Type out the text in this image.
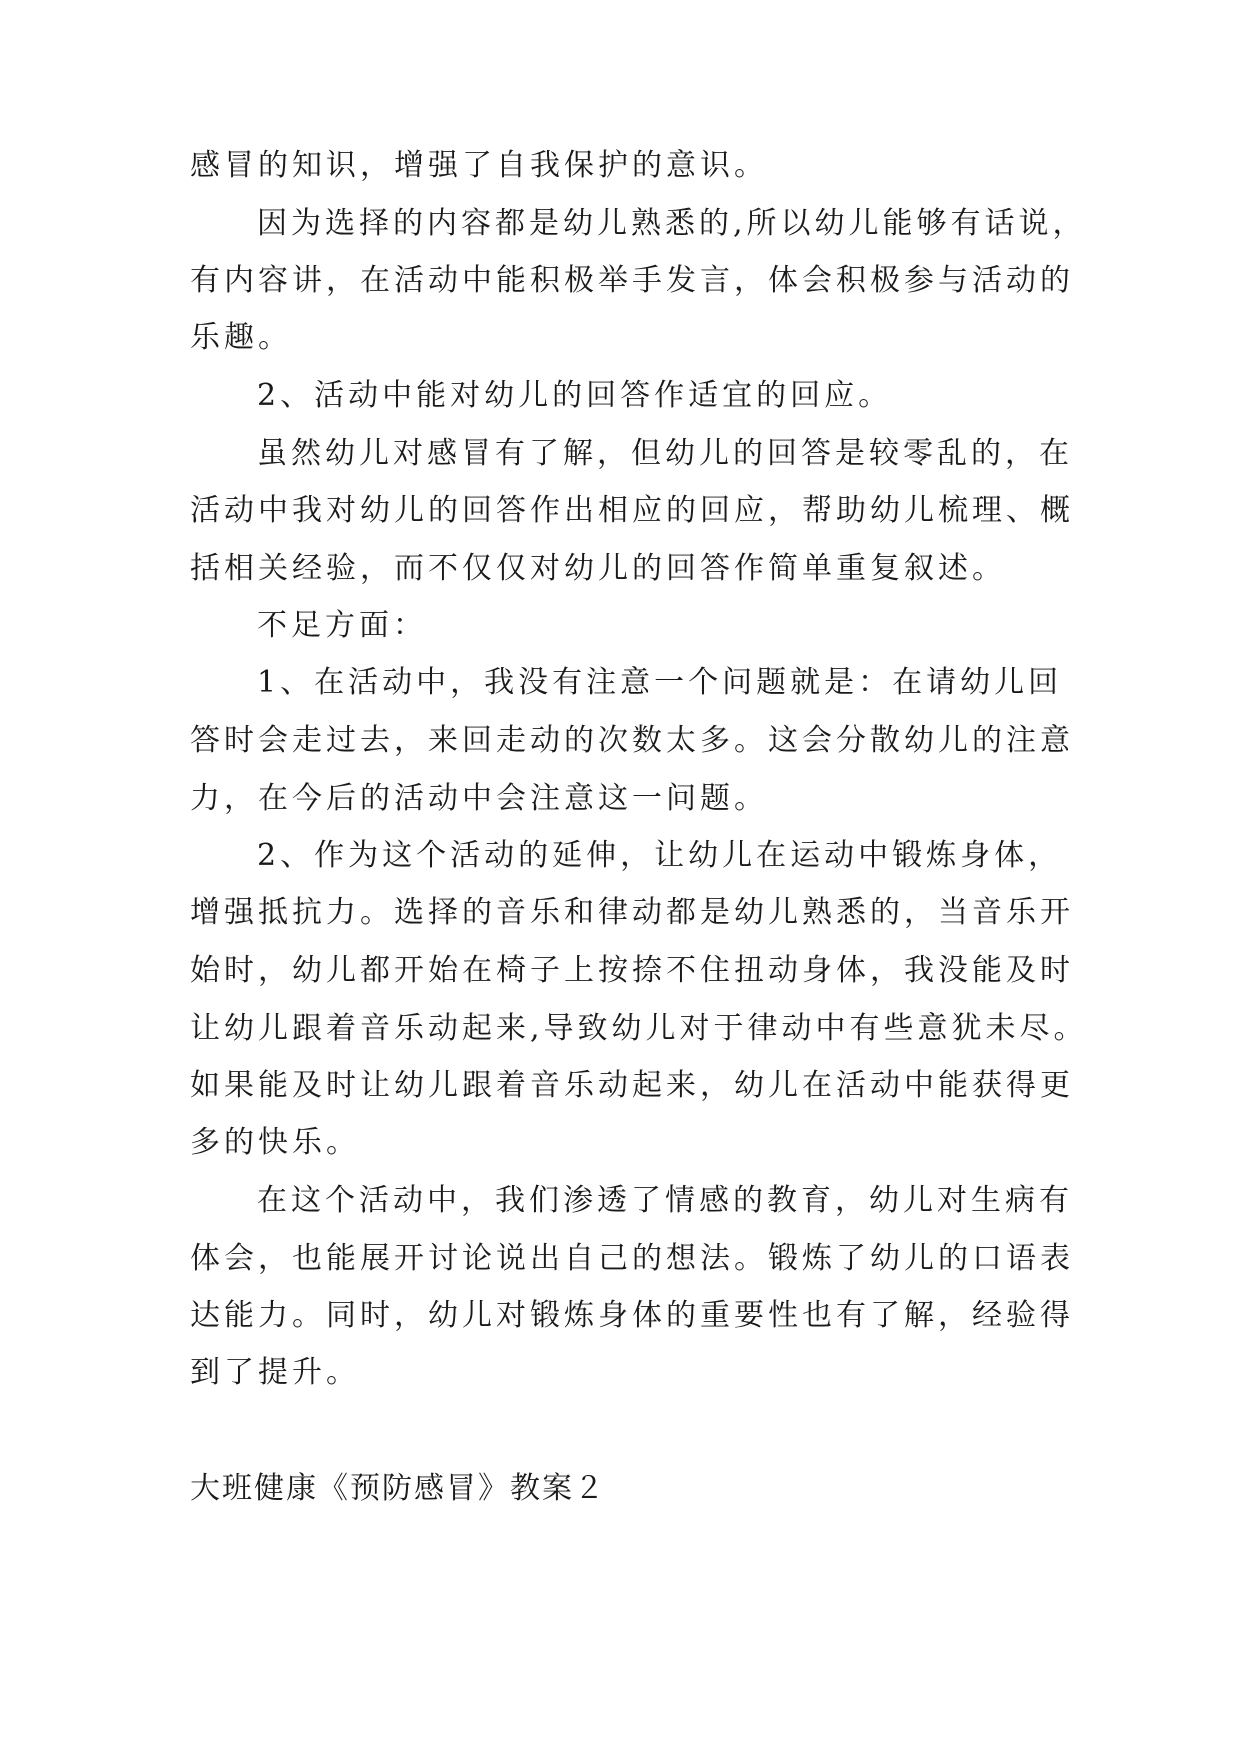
感冒的知识，增强了自我保护的意识。
因为选择的内容都是幼儿熟悉的,所以幼儿能够有话说，
有内容讲，在活动中能积极举手发言，体会积极参与活动的
乐趣。
2、活动中能对幼儿的回答作适宜的回应。
虽然幼儿对感冒有了解，但幼儿的回答是较零乱的，在
活动中我对幼儿的回答作出相应的回应，帮助幼儿梳理、概
括相关经验，而不仅仅对幼儿的回答作简单重复叙述。
不足方面：
1、在活动中，我没有注意一个问题就是：在请幼儿回
答时会走过去，来回走动的次数太多。这会分散幼儿的注意
力，在今后的活动中会注意这一问题。
2、作为这个活动的延伸，让幼儿在运动中锻炼身体，
增强抵抗力。选择的音乐和律动都是幼儿熟悉的，当音乐开
始时，幼儿都开始在椅子上按捺不住扭动身体，我没能及时
让幼儿跟着音乐动起来,导致幼儿对于律动中有些意犹未尽。
如果能及时让幼儿跟着音乐动起来，幼儿在活动中能获得更
多的快乐。
在这个活动中，我们渗透了情感的教育，幼儿对生病有
体会，也能展开讨论说出自己的想法。锻炼了幼儿的口语表
达能力。同时，幼儿对锻炼身体的重要性也有了解，经验得
到了提升。
大班健康《预防感冒》教案２
